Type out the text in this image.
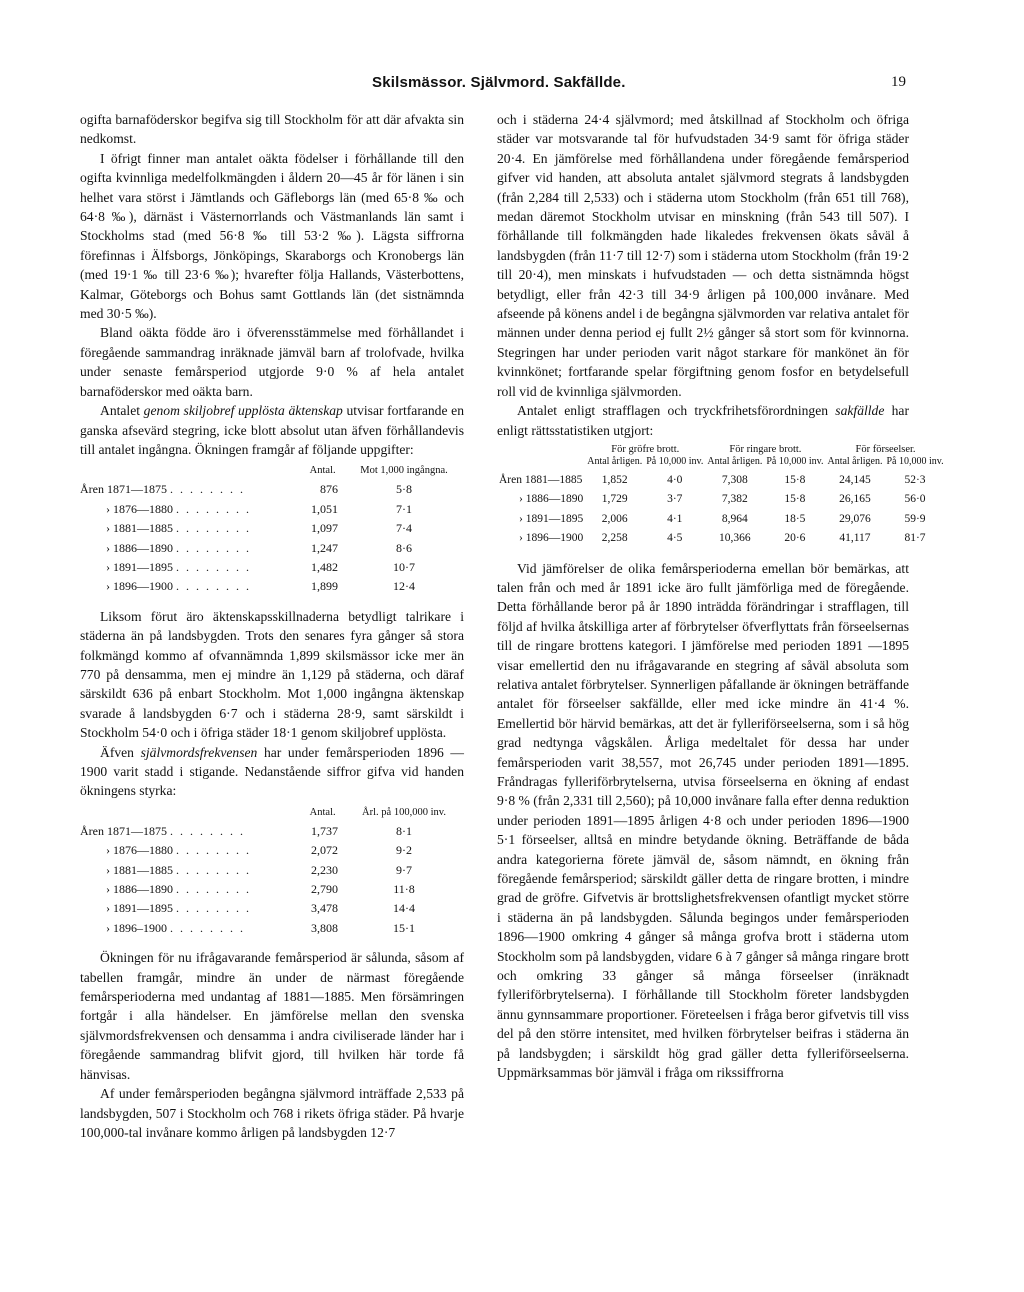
Skilsmässor. Självmord. Sakfällde.	19

ogifta barnaföderskor begifva sig till Stockholm för att där afvakta sin nedkomst.

I öfrigt finner man antalet oäkta födelser i förhållande till den ogifta kvinnliga medelfolkmängden i åldern 20—45 år för länen i sin helhet vara störst i Jämtlands och Gäfleborgs län (med 65·8 ‰ och 64·8 ‰), därnäst i Västernorrlands och Västmanlands län samt i Stockholms stad (med 56·8 ‰ till 53·2 ‰). Lägsta siffrorna förefinnas i Älfsborgs, Jönköpings, Skaraborgs och Kronobergs län (med 19·1 ‰ till 23·6 ‰); hvarefter följa Hallands, Västerbottens, Kalmar, Göteborgs och Bohus samt Gottlands län (det sistnämnda med 30·5 ‰).

Bland oäkta födde äro i öfverensstämmelse med förhållandet i föregående sammandrag inräknade jämväl barn af trolofvade, hvilka under senaste femårsperiod utgjorde 9·0 % af hela antalet barnaföderskor med oäkta barn.

Antalet genom skiljobref upplösta äktenskap utvisar fortfarande en ganska afsevärd stegring, icke blott absolut utan äfven förhållandevis till antalet ingångna. Ökningen framgår af följande uppgifter:

	Antal.	Mot 1,000 ingångna.
Åren 1871—1875 . . . . . . . .	876	5·8
› 1876—1880 . . . . . . . .	1,051	7·1
› 1881—1885 . . . . . . . .	1,097	7·4
› 1886—1890 . . . . . . . .	1,247	8·6
› 1891—1895 . . . . . . . .	1,482	10·7
› 1896—1900 . . . . . . . .	1,899	12·4

Liksom förut äro äktenskapsskillnaderna betydligt talrikare i städerna än på landsbygden. Trots den senares fyra gånger så stora folkmängd kommo af ofvannämnda 1,899 skilsmässor icke mer än 770 på densamma, men ej mindre än 1,129 på städerna, och däraf särskildt 636 på enbart Stockholm. Mot 1,000 ingångna äktenskap svarade å landsbygden 6·7 och i städerna 28·9, samt särskildt i Stockholm 54·0 och i öfriga städer 18·1 genom skiljobref upplösta.

Äfven självmordsfrekvensen har under femårsperioden 1896 —1900 varit stadd i stigande. Nedanstående siffror gifva vid handen ökningens styrka:

	Antal.	Årl. på 100,000 inv.
Åren 1871—1875 . . . . . . . .	1,737	8·1
› 1876—1880 . . . . . . . .	2,072	9·2
› 1881—1885 . . . . . . . .	2,230	9·7
› 1886—1890 . . . . . . . .	2,790	11·8
› 1891—1895 . . . . . . . .	3,478	14·4
› 1896–1900 . . . . . . . .	3,808	15·1

Ökningen för nu ifrågavarande femårsperiod är sålunda, såsom af tabellen framgår, mindre än under de närmast föregående femårsperioderna med undantag af 1881—1885. Men försämringen fortgår i alla händelser. En jämförelse mellan den svenska självmordsfrekvensen och densamma i andra civiliserade länder har i föregående sammandrag blifvit gjord, till hvilken här torde få hänvisas.

Af under femårsperioden begångna självmord inträffade 2,533 på landsbygden, 507 i Stockholm och 768 i rikets öfriga städer. På hvarje 100,000-tal invånare kommo årligen på landsbygden 12·7

och i städerna 24·4 självmord; med åtskillnad af Stockholm och öfriga städer var motsvarande tal för hufvudstaden 34·9 samt för öfriga städer 20·4. En jämförelse med förhållandena under föregående femårsperiod gifver vid handen, att absoluta antalet självmord stegrats å landsbygden (från 2,284 till 2,533) och i städerna utom Stockholm (från 651 till 768), medan däremot Stockholm utvisar en minskning (från 543 till 507). I förhållande till folkmängden hade likaledes frekvensen ökats såväl å landsbygden (från 11·7 till 12·7) som i städerna utom Stockholm (från 19·2 till 20·4), men minskats i hufvudstaden — och detta sistnämnda högst betydligt, eller från 42·3 till 34·9 årligen på 100,000 invånare. Med afseende på könens andel i de begångna självmorden var relativa antalet för männen under denna period ej fullt 2½ gånger så stort som för kvinnorna. Stegringen har under perioden varit något starkare för mankönet än för kvinnkönet; fortfarande spelar förgiftning genom fosfor en betydelsefull roll vid de kvinnliga självmorden.

Antalet enligt strafflagen och tryckfrihetsförordningen sakfällde har enligt rättsstatistiken utgjort:

	För gröfre brott.		För ringare brott.		För förseelser.	
	Antal årligen.	På 10,000 inv.	Antal årligen.	På 10,000 inv.	Antal årligen.	På 10,000 inv.
Åren 1881—1885	1,852	4·0	7,308	15·8	24,145	52·3
› 1886—1890	1,729	3·7	7,382	15·8	26,165	56·0
› 1891—1895	2,006	4·1	8,964	18·5	29,076	59·9
› 1896—1900	2,258	4·5	10,366	20·6	41,117	81·7

Vid jämförelser de olika femårsperioderna emellan bör bemärkas, att talen från och med år 1891 icke äro fullt jämförliga med de föregående. Detta förhållande beror på år 1890 inträdda förändringar i strafflagen, till följd af hvilka åtskilliga arter af förbrytelser öfverflyttats från förseelsernas till de ringare brottens kategori. I jämförelse med perioden 1891 —1895 visar emellertid den nu ifrågavarande en stegring af såväl absoluta som relativa antalet förbrytelser. Synnerligen påfallande är ökningen beträffande antalet för förseelser sakfällde, eller med icke mindre än 41·4 %. Emellertid bör härvid bemärkas, att det är fylleriförseelserna, som i så hög grad nedtynga vågskålen. Årliga medeltalet för dessa har under femårsperioden varit 38,557, mot 26,745 under perioden 1891—1895. Fråndragas fylleriförbrytelserna, utvisa förseelserna en ökning af endast 9·8 % (från 2,331 till 2,560); på 10,000 invånare falla efter denna reduktion under perioden 1891—1895 årligen 4·8 och under perioden 1896—1900 5·1 förseelser, alltså en mindre betydande ökning. Beträffande de båda andra kategorierna förete jämväl de, såsom nämndt, en ökning från föregående femårsperiod; särskildt gäller detta de ringare brotten, i mindre grad de gröfre. Gifvetvis är brottslighetsfrekvensen ofantligt mycket större i städerna än på landsbygden. Sålunda begingos under femårsperioden 1896—1900 omkring 4 gånger så många grofva brott i städerna utom Stockholm som på landsbygden, vidare 6 à 7 gånger så många ringare brott och omkring 33 gånger så många förseelser (inräknadt fylleriförbrytelserna). I förhållande till Stockholm företer landsbygden ännu gynnsammare proportioner. Företeelsen i fråga beror gifvetvis till viss del på den större intensitet, med hvilken förbrytelser beifras i städerna än på landsbygden; i särskildt hög grad gäller detta fylleriförseelserna. Uppmärksammas bör jämväl i fråga om rikssiffrorna
